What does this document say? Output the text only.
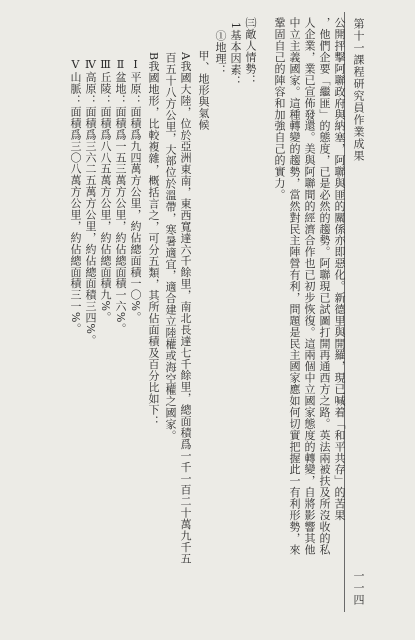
第十一課程研究員作業成果
一一四
公開抨擊阿聯政府與納塞，阿聯與匪的關係亦即惡化。新德里與開羅，現已喊着「和平共存」的苦果
，他們企要「繼匪」的態度，已是必然的趨勢。阿聯現已試圖打開再通西方之路。英法兩被扶及所沒收的私
人企業，業已宣佈發還。美與阿聯間的經濟合作也已初步恢復。這兩個中立國家態度的轉變，自將影響其他
中立主義國家。這種轉變的趨勢，當然對民主陣營有利，問題是民主國家應如何切實把握此一有利形勢，來
鞏固自己的陣容和加強自己的實力。
㈢敵人情勢：
1基本因素：
①地理：
甲、地形與氣候
A我國大陸，位於亞洲東南，東西寬達六千餘里，南北長達七千餘里，總面積爲一千一百二十萬九千五
百五十八方公里，大部位於溫帶，寒暑適宜，適合建立陸權或海空權之國家。
B我國地形，比較複雜，概括言之，可分五類，其所佔面積及百分比如下：
Ⅰ平原：面積爲九四萬方公里，約佔總面積一〇%。
Ⅱ盆地：面積爲一五三萬方公里，約佔總面積一六%。
Ⅲ丘陵：面積爲八八五萬方公里，約佔總面積九%。
Ⅳ高原：面積爲三六二五萬方公里，約佔總面積三四%。
Ⅴ山脈：面積爲三〇八萬方公里，約佔總面積三一%。
